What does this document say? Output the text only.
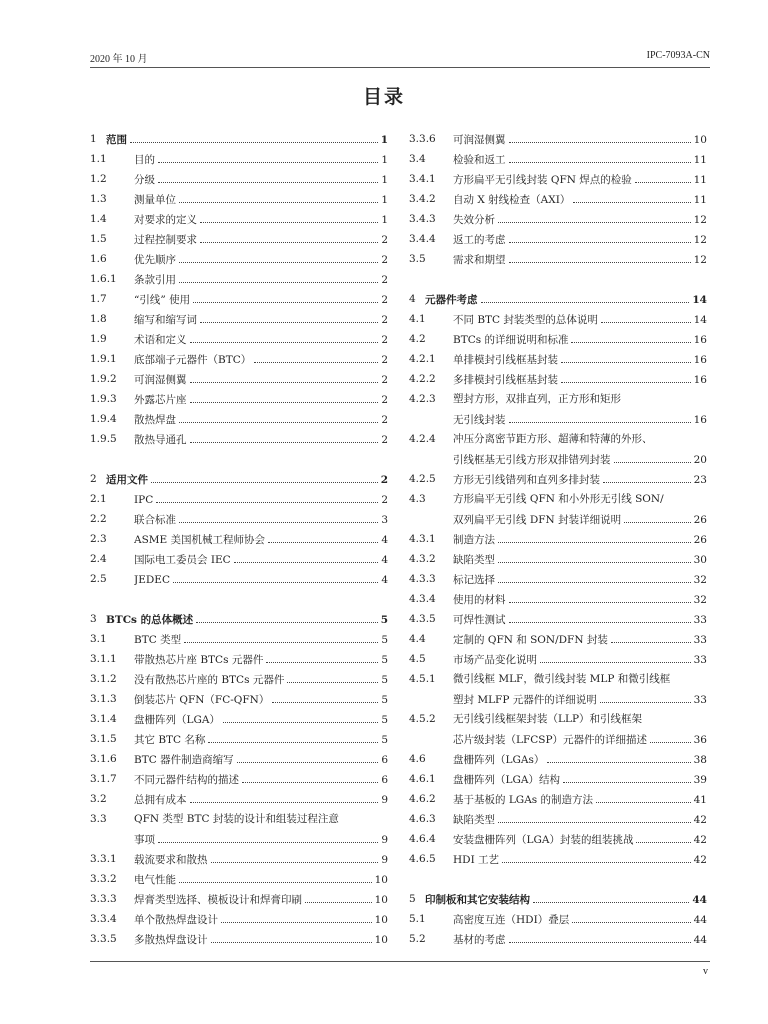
2020 年 10 月	IPC-7093A-CN
目录
1 范围	1
1.1	目的	1
1.2	分级	1
1.3	测量单位	1
1.4	对要求的定义	1
1.5	过程控制要求	2
1.6	优先顺序	2
1.6.1	条款引用	2
1.7	“引线” 使用	2
1.8	缩写和缩写词	2
1.9	术语和定义	2
1.9.1	底部端子元器件（BTC）	2
1.9.2	可润湿侧翼	2
1.9.3	外露芯片座	2
1.9.4	散热焊盘	2
1.9.5	散热导通孔	2
2 适用文件	2
2.1	IPC	2
2.2	联合标准	3
2.3	ASME 美国机械工程师协会	4
2.4	国际电工委员会 IEC	4
2.5	JEDEC	4
3 BTCs 的总体概述	5
3.1	BTC 类型	5
3.1.1	带散热芯片座 BTCs 元器件	5
3.1.2	没有散热芯片座的 BTCs 元器件	5
3.1.3	倒装芯片 QFN（FC-QFN）	5
3.1.4	盘栅阵列（LGA）	5
3.1.5	其它 BTC 名称	5
3.1.6	BTC 器件制造商缩写	6
3.1.7	不同元器件结构的描述	6
3.2	总拥有成本	9
3.3	QFN 类型 BTC 封装的设计和组装过程注意
事项	9
3.3.1	载流要求和散热	9
3.3.2	电气性能	10
3.3.3	焊膏类型选择、模板设计和焊膏印刷	10
3.3.4	单个散热焊盘设计	10
3.3.5	多散热焊盘设计	10
3.3.6	可润湿侧翼	10
3.4	检验和返工	11
3.4.1	方形扁平无引线封装 QFN 焊点的检验	11
3.4.2	自动 X 射线检查（AXI）	11
3.4.3	失效分析	12
3.4.4	返工的考虑	12
3.5	需求和期望	12
4 元器件考虑	14
4.1	不同 BTC 封装类型的总体说明	14
4.2	BTCs 的详细说明和标准	16
4.2.1	单排模封引线框基封装	16
4.2.2	多排模封引线框基封装	16
4.2.3	塑封方形，双排直列，正方形和矩形
无引线封装	16
4.2.4	冲压分离密节距方形、超薄和特薄的外形、
引线框基无引线方形双排错列封装	20
4.2.5	方形无引线错列和直列多排封装	23
4.3	方形扁平无引线 QFN 和小外形无引线 SON/
双列扁平无引线 DFN 封装详细说明	26
4.3.1	制造方法	26
4.3.2	缺陷类型	30
4.3.3	标记选择	32
4.3.4	使用的材料	32
4.3.5	可焊性测试	33
4.4	定制的 QFN 和 SON/DFN 封装	33
4.5	市场产品变化说明	33
4.5.1	微引线框 MLF，微引线封装 MLP 和微引线框
塑封 MLFP 元器件的详细说明	33
4.5.2	无引线引线框架封装（LLP）和引线框架
芯片级封装（LFCSP）元器件的详细描述	36
4.6	盘栅阵列（LGAs）	38
4.6.1	盘栅阵列（LGA）结构	39
4.6.2	基于基板的 LGAs 的制造方法	41
4.6.3	缺陷类型	42
4.6.4	安装盘栅阵列（LGA）封装的组装挑战	42
4.6.5	HDI 工艺	42
5 印制板和其它安装结构	44
5.1	高密度互连（HDI）叠层	44
5.2	基材的考虑	44
v
